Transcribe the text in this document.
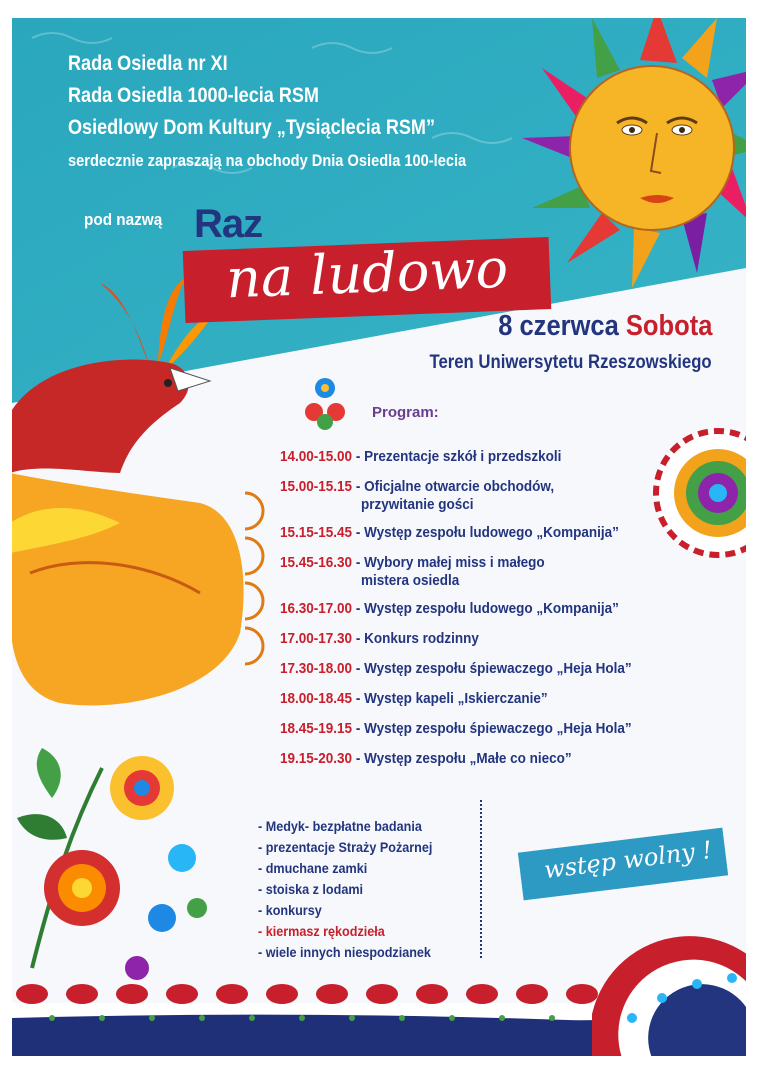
Rada Osiedla nr XI
Rada Osiedla 1000-lecia RSM
Osiedlowy Dom Kultury „Tysiąclecia RSM”
serdecznie zapraszają na obchody Dnia Osiedla 100-lecia
pod nazwą Raz
na ludowo
8 czerwca Sobota
Teren Uniwersytetu Rzeszowskiego
Program:
14.00-15.00 - Prezentacje szkół i przedszkoli
15.00-15.15 - Oficjalne otwarcie obchodów,
przywitanie gości
15.15-15.45 - Występ zespołu ludowego „Kompanija”
15.45-16.30 - Wybory małej miss i małego
mistera osiedla
16.30-17.00 - Występ zespołu ludowego „Kompanija”
17.00-17.30 - Konkurs rodzinny
17.30-18.00 - Występ zespołu śpiewaczego „Heja Hola”
18.00-18.45 - Występ kapeli „Iskierczanie”
18.45-19.15 - Występ zespołu śpiewaczego „Heja Hola”
19.15-20.30 - Występ zespołu „Małe co nieco”
- Medyk- bezpłatne badania
- prezentacje Straży Pożarnej
- dmuchane zamki
- stoiska z lodami
- konkursy
- kiermasz rękodzieła
- wiele innych niespodzianek
wstęp wolny !
